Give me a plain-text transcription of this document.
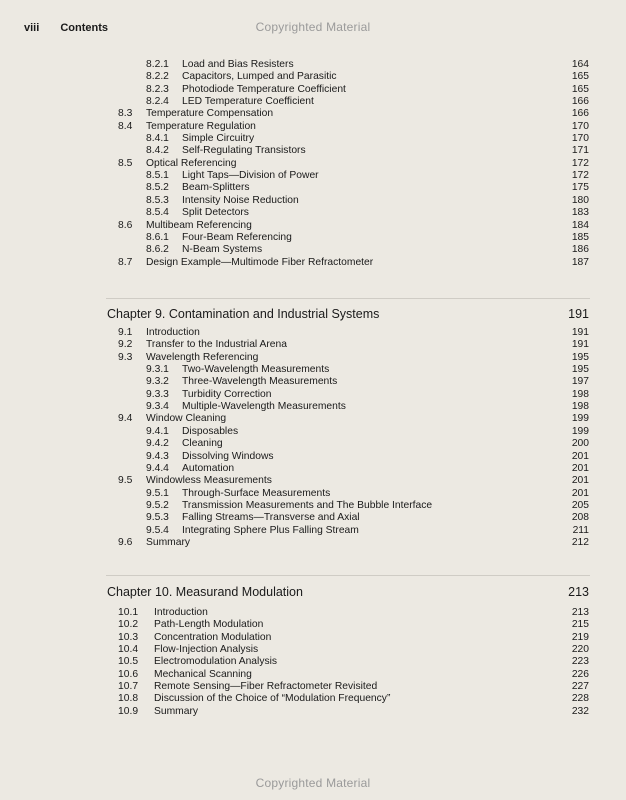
viii Contents	Copyrighted Material
8.2.1 Load and Bias Resisters	164
8.2.2 Capacitors, Lumped and Parasitic	165
8.2.3 Photodiode Temperature Coefficient	165
8.2.4 LED Temperature Coefficient	166
8.3 Temperature Compensation	166
8.4 Temperature Regulation	170
8.4.1 Simple Circuitry	170
8.4.2 Self-Regulating Transistors	171
8.5 Optical Referencing	172
8.5.1 Light Taps—Division of Power	172
8.5.2 Beam-Splitters	175
8.5.3 Intensity Noise Reduction	180
8.5.4 Split Detectors	183
8.6 Multibeam Referencing	184
8.6.1 Four-Beam Referencing	185
8.6.2 N-Beam Systems	186
8.7 Design Example—Multimode Fiber Refractometer	187
Chapter 9. Contamination and Industrial Systems	191
9.1 Introduction	191
9.2 Transfer to the Industrial Arena	191
9.3 Wavelength Referencing	195
9.3.1 Two-Wavelength Measurements	195
9.3.2 Three-Wavelength Measurements	197
9.3.3 Turbidity Correction	198
9.3.4 Multiple-Wavelength Measurements	198
9.4 Window Cleaning	199
9.4.1 Disposables	199
9.4.2 Cleaning	200
9.4.3 Dissolving Windows	201
9.4.4 Automation	201
9.5 Windowless Measurements	201
9.5.1 Through-Surface Measurements	201
9.5.2 Transmission Measurements and The Bubble Interface	205
9.5.3 Falling Streams—Transverse and Axial	208
9.5.4 Integrating Sphere Plus Falling Stream	211
9.6 Summary	212
Chapter 10. Measurand Modulation	213
10.1 Introduction	213
10.2 Path-Length Modulation	215
10.3 Concentration Modulation	219
10.4 Flow-Injection Analysis	220
10.5 Electromodulation Analysis	223
10.6 Mechanical Scanning	226
10.7 Remote Sensing—Fiber Refractometer Revisited	227
10.8 Discussion of the Choice of “Modulation Frequency”	228
10.9 Summary	232
Copyrighted Material
